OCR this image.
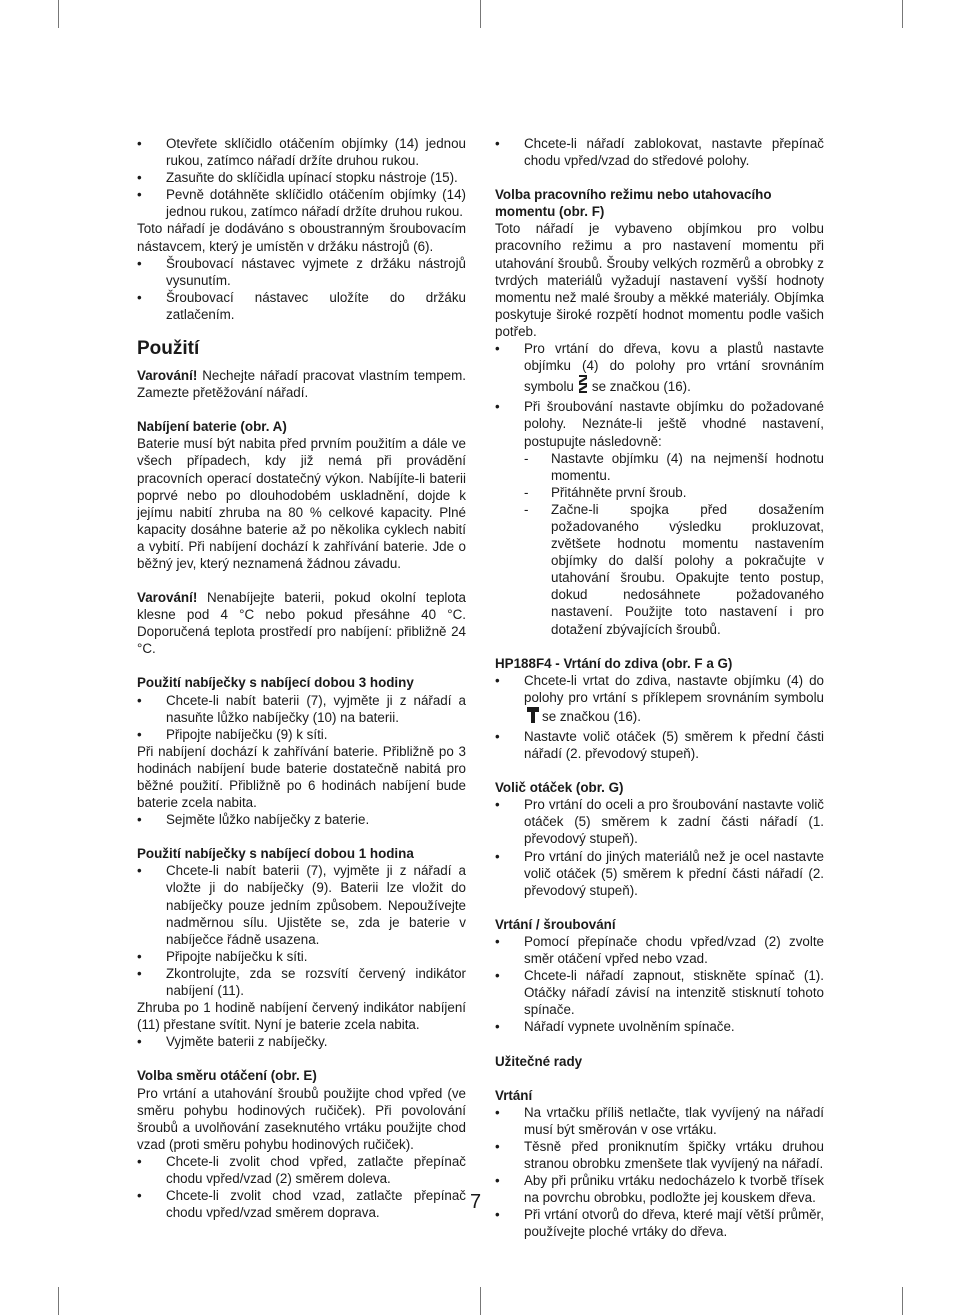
• Otevřete sklíčidlo otáčením objímky (14) jednou rukou, zatímco nářadí držíte druhou rukou.
• Zasuňte do sklíčidla upínací stopku nástroje (15).
• Pevně dotáhněte sklíčidlo otáčením objímky (14) jednou rukou, zatímco nářadí držíte druhou rukou.

Toto nářadí je dodáváno s oboustranným šroubovacím nástavcem, který je umístěn v držáku nástrojů (6).

• Šroubovací nástavec vyjmete z držáku nástrojů vysunutím.
• Šroubovací nástavec uložíte do držáku zatlačením.
Použití

Varování! Nechejte nářadí pracovat vlastním tempem. Zamezte přetěžování nářadí.

Nabíjení baterie (obr. A)

Baterie musí být nabita před prvním použitím a dále ve všech případech, kdy již nemá při provádění pracovních operací dostatečný výkon. Nabíjíte-li baterii poprvé nebo po dlouhodobém uskladnění, dojde k jejímu nabití zhruba na 80 % celkové kapacity. Plné kapacity dosáhne baterie až po několika cyklech nabití a vybití. Při nabíjení dochází k zahřívání baterie. Jde o běžný jev, který neznamená žádnou závadu.

Varování! Nenabíjejte baterii, pokud okolní teplota klesne pod 4 °C nebo pokud přesáhne 40 °C. Doporučená teplota prostředí pro nabíjení: přibližně 24 °C.

Použití nabíječky s nabíjecí dobou 3 hodiny
• Chcete-li nabít baterii (7), vyjměte ji z nářadí a nasuňte lůžko nabíječky (10) na baterii.
• Připojte nabíječku (9) k síti.

Při nabíjení dochází k zahřívání baterie. Přibližně po 3 hodinách nabíjení bude baterie dostatečně nabitá pro běžné použití. Přibližně po 6 hodinách nabíjení bude baterie zcela nabita.

• Sejměte lůžko nabíječky z baterie.
Použití nabíječky s nabíjecí dobou 1 hodina
• Chcete-li nabít baterii (7), vyjměte ji z nářadí a vložte ji do nabíječky (9). Baterii lze vložit do nabíječky pouze jedním způsobem. Nepoužívejte nadměrnou sílu. Ujistěte se, zda je baterie v nabíječce řádně usazena.
• Připojte nabíječku k síti.
• Zkontrolujte, zda se rozsvítí červený indikátor nabíjení (11).

Zhruba po 1 hodině nabíjení červený indikátor nabíjení (11) přestane svítit. Nyní je baterie zcela nabita.

• Vyjměte baterii z nabíječky.
Volba směru otáčení (obr. E)

Pro vrtání a utahování šroubů použijte chod vpřed (ve směru pohybu hodinových ručiček). Při povolování šroubů a uvolňování zaseknutého vrtáku použijte chod vzad (proti směru pohybu hodinových ručiček).

• Chcete-li zvolit chod vpřed, zatlačte přepínač chodu vpřed/vzad (2) směrem doleva.
• Chcete-li zvolit chod vzad, zatlačte přepínač chodu vpřed/vzad směrem doprava.
• Chcete-li nářadí zablokovat, nastavte přepínač chodu vpřed/vzad do středové polohy.
Volba pracovního režimu nebo utahovacího momentu (obr. F)

Toto nářadí je vybaveno objímkou pro volbu pracovního režimu a pro nastavení momentu při utahování šroubů. Šrouby velkých rozměrů a obrobky z tvrdých materiálů vyžadují nastavení vyšší hodnoty momentu než malé šrouby a měkké materiály. Objímka poskytuje široké rozpětí hodnot momentu podle vašich potřeb.

• Pro vrtání do dřeva, kovu a plastů nastavte objímku (4) do polohy pro vrtání srovnáním symbolu se značkou (16).
• Při šroubování nastavte objímku do požadované polohy. Neznáte-li ještě vhodné nastavení, postupujte následovně:
- Nastavte objímku (4) na nejmenší hodnotu momentu.
- Přitáhněte první šroub.
- Začne-li spojka před dosažením požadovaného výsledku prokluzovat, zvětšete hodnotu momentu nastavením objímky do další polohy a pokračujte v utahování šroubu. Opakujte tento postup, dokud nedosáhnete požadovaného nastavení. Použijte toto nastavení i pro dotažení zbývajících šroubů.
HP188F4 - Vrtání do zdiva (obr. F a G)
• Chcete-li vrtat do zdiva, nastavte objímku (4) do polohy pro vrtání s příklepem srovnáním symboluse značkou (16).
• Nastavte volič otáček (5) směrem k přední části nářadí (2. převodový stupeň).
Volič otáček (obr. G)
• Pro vrtání do oceli a pro šroubování nastavte volič otáček (5) směrem k zadní části nářadí (1. převodový stupeň).
• Pro vrtání do jiných materiálů než je ocel nastavte volič otáček (5) směrem k přední části nářadí (2. převodový stupeň).
Vrtání / šroubování
• Pomocí přepínače chodu vpřed/vzad (2) zvolte směr otáčení vpřed nebo vzad.
• Chcete-li nářadí zapnout, stiskněte spínač (1). Otáčky nářadí závisí na intenzitě stisknutí tohoto spínače.
• Nářadí vypnete uvolněním spínače.
Užitečné rady
Vrtání
• Na vrtačku příliš netlačte, tlak vyvíjený na nářadí musí být směrován v ose vrtáku.
• Těsně před proniknutím špičky vrtáku druhou stranou obrobku zmenšete tlak vyvíjený na nářadí.
• Aby při průniku vrtáku nedocházelo k tvorbě třísek na povrchu obrobku, podložte jej kouskem dřeva.
• Při vrtání otvorů do dřeva, které mají větší průměr, používejte ploché vrtáky do dřeva.
7
